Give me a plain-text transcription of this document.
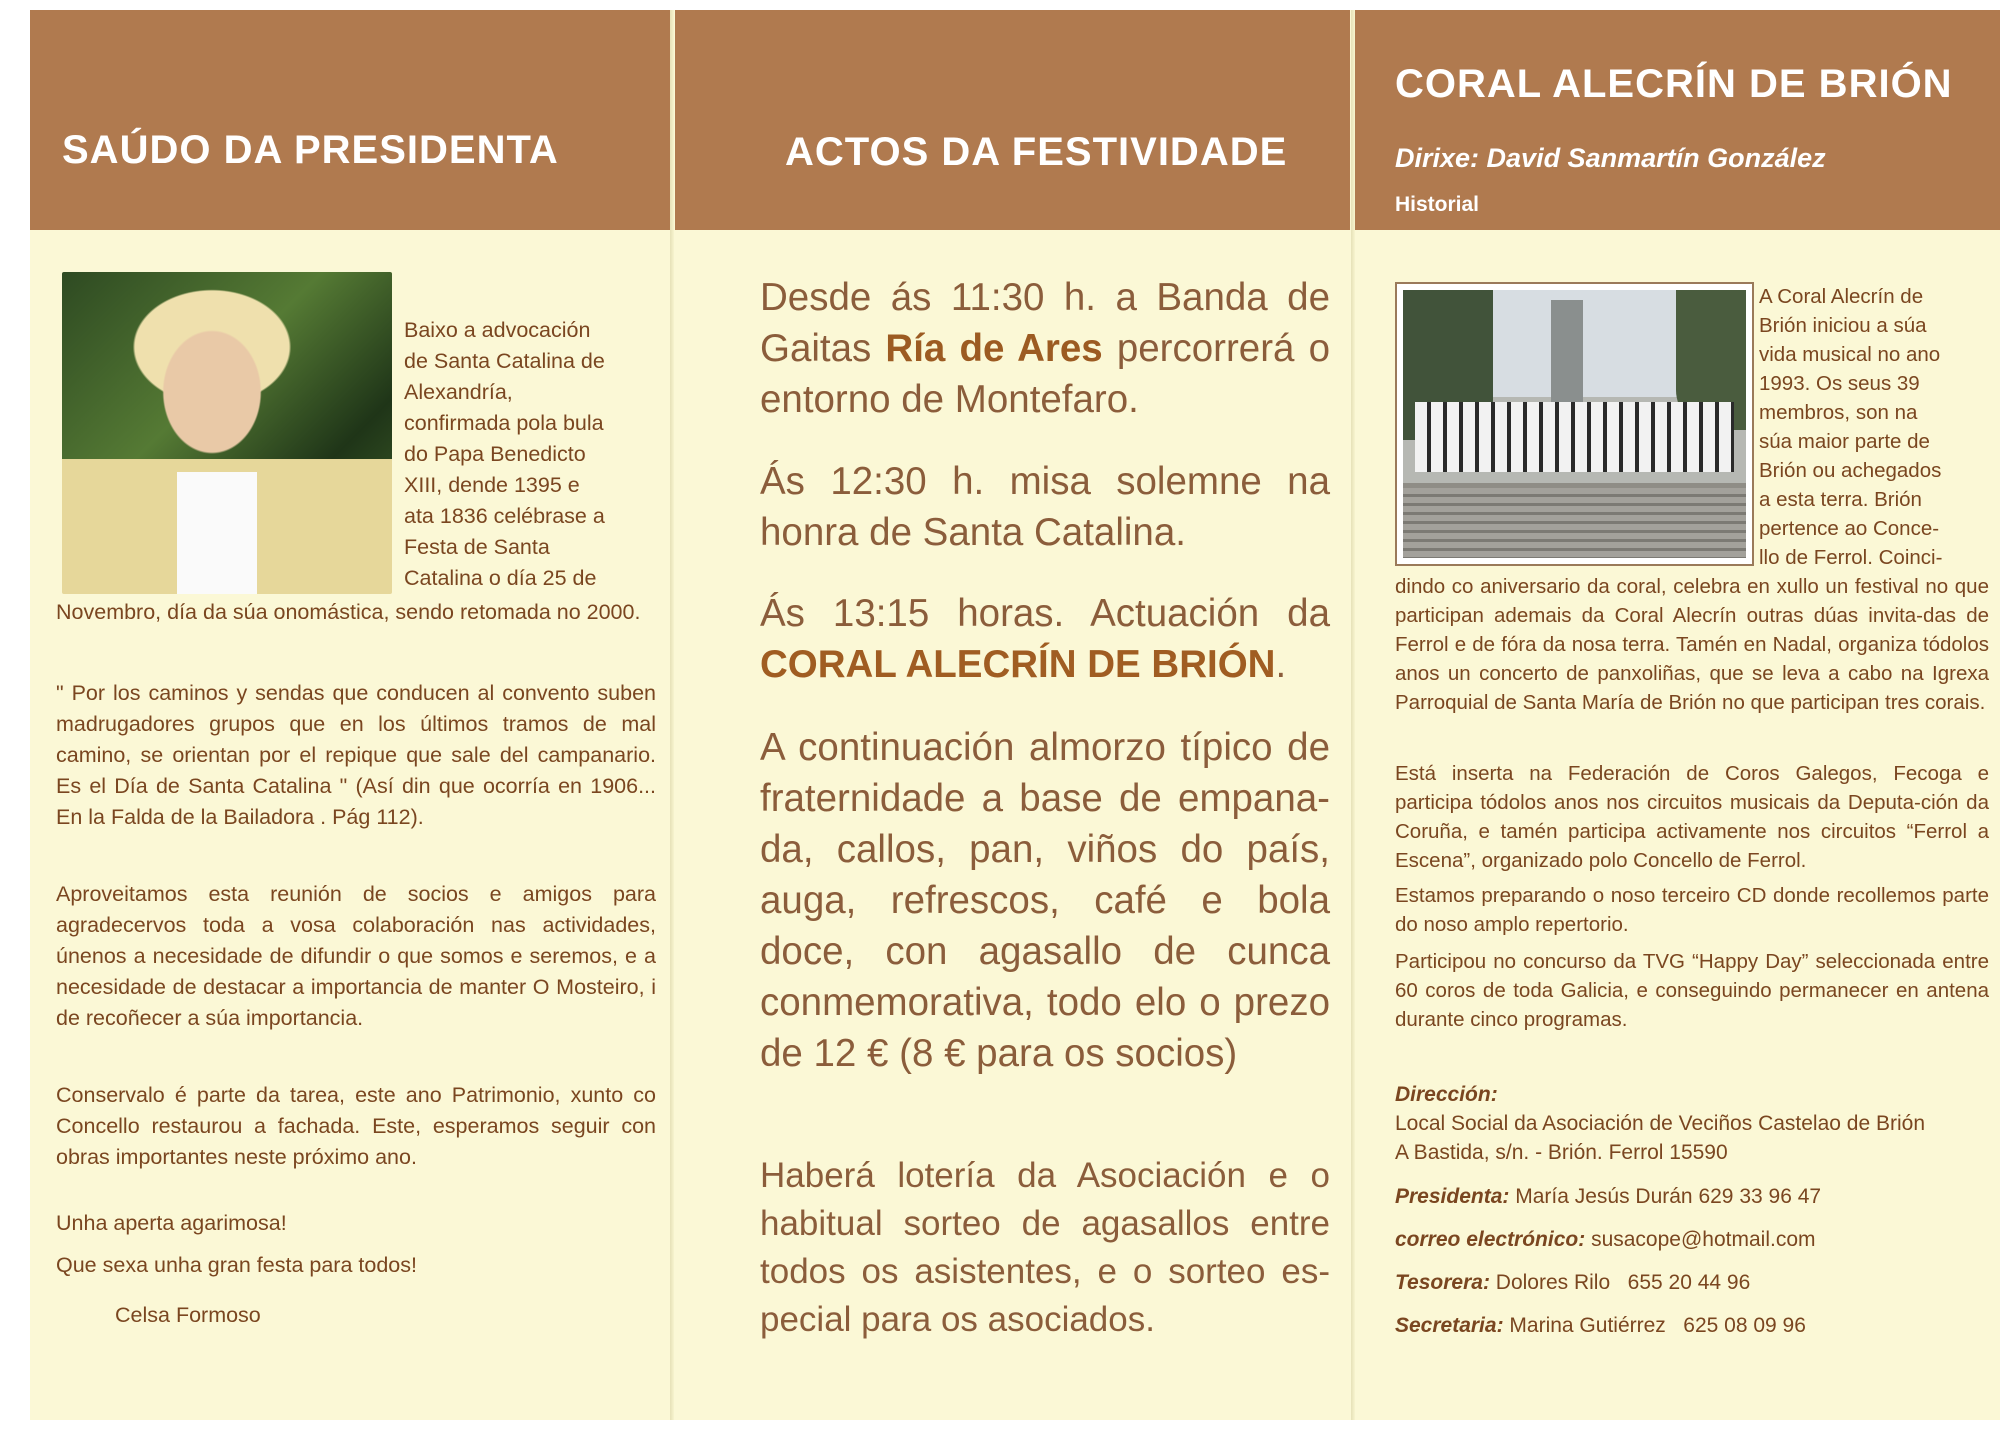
SAÚDO DA PRESIDENTA
Baixo a advocación
de Santa Catalina de
Alexandría,
confirmada pola bula
do Papa Benedicto
XIII, dende 1395 e
ata 1836 celébrase a
Festa de Santa
Catalina o día 25 de
Novembro, día da súa onomástica, sendo retomada no 2000.
" Por los caminos y sendas que conducen al convento suben madrugadores grupos que en los últimos tramos de mal camino, se orientan por el repique que sale del campanario. Es el Día de Santa Catalina " (Así din que ocorría en 1906... En la Falda de la Bailadora . Pág 112).
Aproveitamos esta reunión de socios e amigos para agradecervos toda a vosa colaboración nas actividades, únenos a necesidade de difundir o que somos e seremos, e a necesidade de destacar a importancia de manter O Mosteiro, i de recoñecer a súa importancia.
Conservalo é parte da tarea, este ano Patrimonio, xunto co Concello restaurou a fachada. Este, esperamos seguir con obras importantes neste próximo ano.
Unha aperta agarimosa!
Que sexa unha gran festa para todos!
Celsa Formoso
ACTOS DA FESTIVIDADE
Desde ás 11:30 h. a Banda de Gaitas Ría de Ares percorrerá o entorno de Montefaro.
Ás 12:30 h. misa solemne na honra de Santa Catalina.
Ás 13:15 horas. Actuación da CORAL ALECRÍN DE BRIÓN.
A continuación almorzo típico de fraternidade a base de empana-da, callos, pan, viños do país, auga, refrescos, café e bola doce, con agasallo de cunca conmemorativa, todo elo o prezo de 12 € (8 € para os socios)
Haberá lotería da Asociación e o habitual sorteo de agasallos entre todos os asistentes, e o sorteo es-pecial para os asociados.
CORAL ALECRÍN DE BRIÓN
Dirixe: David Sanmartín González
Historial
A Coral Alecrín de
Brión iniciou a súa
vida musical no ano
1993. Os seus 39
membros, son na
súa maior parte de
Brión ou achegados
a esta terra. Brión
pertence ao Conce-
llo de Ferrol. Coinci-
dindo co aniversario da coral, celebra en xullo un festival no que participan ademais da Coral Alecrín outras dúas invita-das de Ferrol e de fóra da nosa terra. Tamén en Nadal, organiza tódolos anos un concerto de panxoliñas, que se leva a cabo na Igrexa Parroquial de Santa María de Brión no que participan tres corais.
Está inserta na Federación de Coros Galegos, Fecoga e participa tódolos anos nos circuitos musicais da Deputa-ción da Coruña, e tamén participa activamente nos circuitos “Ferrol a Escena”, organizado polo Concello de Ferrol.
Estamos preparando o noso terceiro CD donde recollemos parte do noso amplo repertorio.
Participou no concurso da TVG “Happy Day” seleccionada entre 60 coros de toda Galicia, e conseguindo permanecer en antena durante cinco programas.
Dirección:
Local Social da Asociación de Veciños Castelao de Brión
A Bastida, s/n. - Brión. Ferrol 15590
Presidenta: María Jesús Durán 629 33 96 47
correo electrónico: susacope@hotmail.com
Tesorera: Dolores Rilo   655 20 44 96
Secretaria: Marina Gutiérrez   625 08 09 96
